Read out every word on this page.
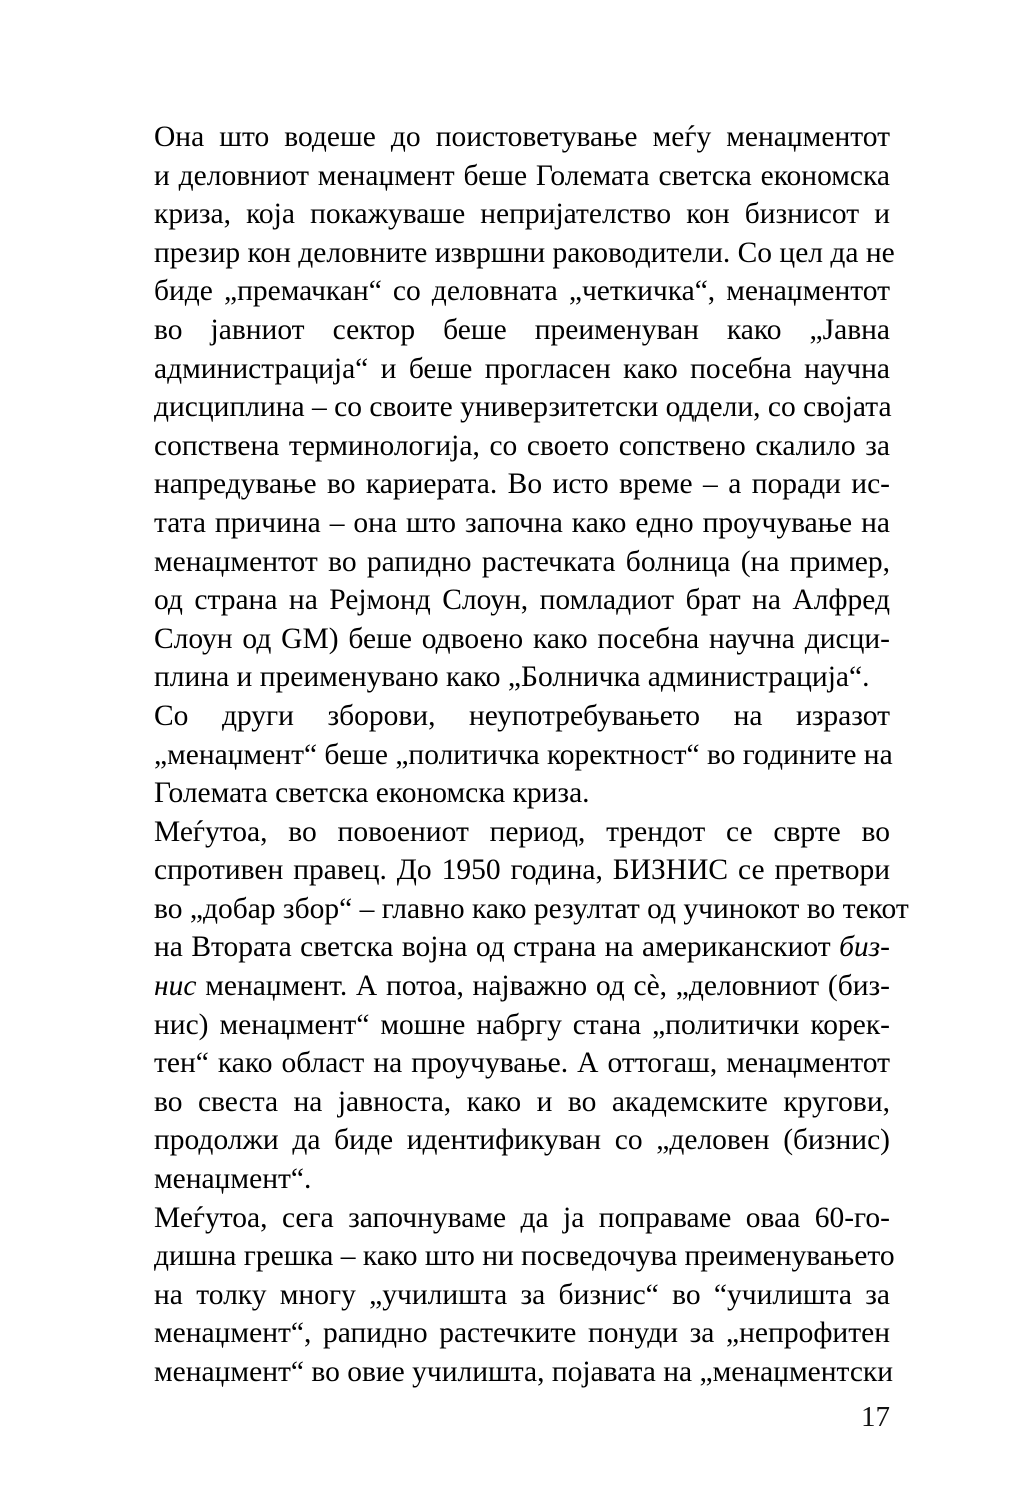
Она што водеше до поистоветување меѓу менаџментот
и деловниот менаџмент беше Големата светска економска
криза, која покажуваше непријателство кон бизнисот и
презир кон деловните извршни раководители. Со цел да не
биде „премачкан“ со деловната „четкичка“, менаџментот
во јавниот сектор беше преименуван како „Јавна
администрација“ и беше прогласен како посебна научна
дисциплина – со своите универзитетски оддели, со својата
сопствена терминологија, со своето сопствено скалило за
напредување во кариерата. Во исто време – а поради ис-
тата причина – она што започна како едно проучување на
менаџментот во рапидно растечката болница (на пример,
од страна на Рејмонд Слоун, помладиот брат на Алфред
Слоун од GM) беше одвоено како посебна научна дисци-
плина и преименувано како „Болничка администрација“.

Со други зборови, неупотребувањето на изразот
„менаџмент“ беше „политичка коректност“ во годините на
Големата светска економска криза.

Меѓутоа, во повоениот период, трендот се сврте во
спротивен правец. До 1950 година, БИЗНИС се претвори
во „добар збор“ – главно како резултат од учинокот во текот
на Втората светска војна од страна на американскиот биз-
нис менаџмент. А потоа, најважно од сѐ, „деловниот (биз-
нис) менаџмент“ мошне набргу стана „политички корек-
тен“ како област на проучување. А оттогаш, менаџментот
во свеста на јавноста, како и во академските кругови,
продолжи да биде идентификуван со „деловен (бизнис)
менаџмент“.

Меѓутоа, сега започнуваме да ја поправаме оваа 60-го-
дишна грешка – како што ни посведочува преименувањето
на толку многу „училишта за бизнис“ во “училишта за
менаџмент“, рапидно растечките понуди за „непрофитен
менаџмент“ во овие училишта, појавата на „менаџментски

17
